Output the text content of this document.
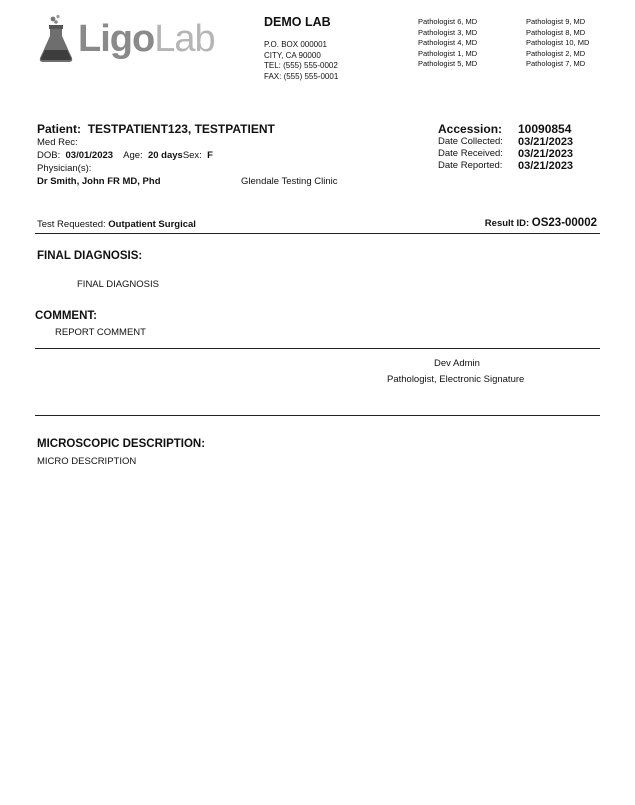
LigoLab	DEMO LAB
P.O. BOX 000001
CITY, CA 90000
TEL: (555) 555-0002
FAX: (555) 555-0001
Pathologist 6, MD
Pathologist 3, MD
Pathologist 4, MD
Pathologist 1, MD
Pathologist 5, MD
Pathologist 9, MD
Pathologist 8, MD
Pathologist 10, MD
Pathologist 2, MD
Pathologist 7, MD
Patient: TESTPATIENT123, TESTPATIENT
Med Rec:
DOB: 03/01/2023 Age: 20 daysSex: F
Physician(s):
Dr Smith, John FR MD, Phd	Glendale Testing Clinic
Accession:	10090854
Date Collected:	03/21/2023
Date Received:	03/21/2023
Date Reported:	03/21/2023
Test Requested: Outpatient Surgical	Result ID: OS23-00002
FINAL DIAGNOSIS:
FINAL DIAGNOSIS
COMMENT:
REPORT COMMENT
Dev Admin
Pathologist, Electronic Signature
MICROSCOPIC DESCRIPTION:
MICRO DESCRIPTION
